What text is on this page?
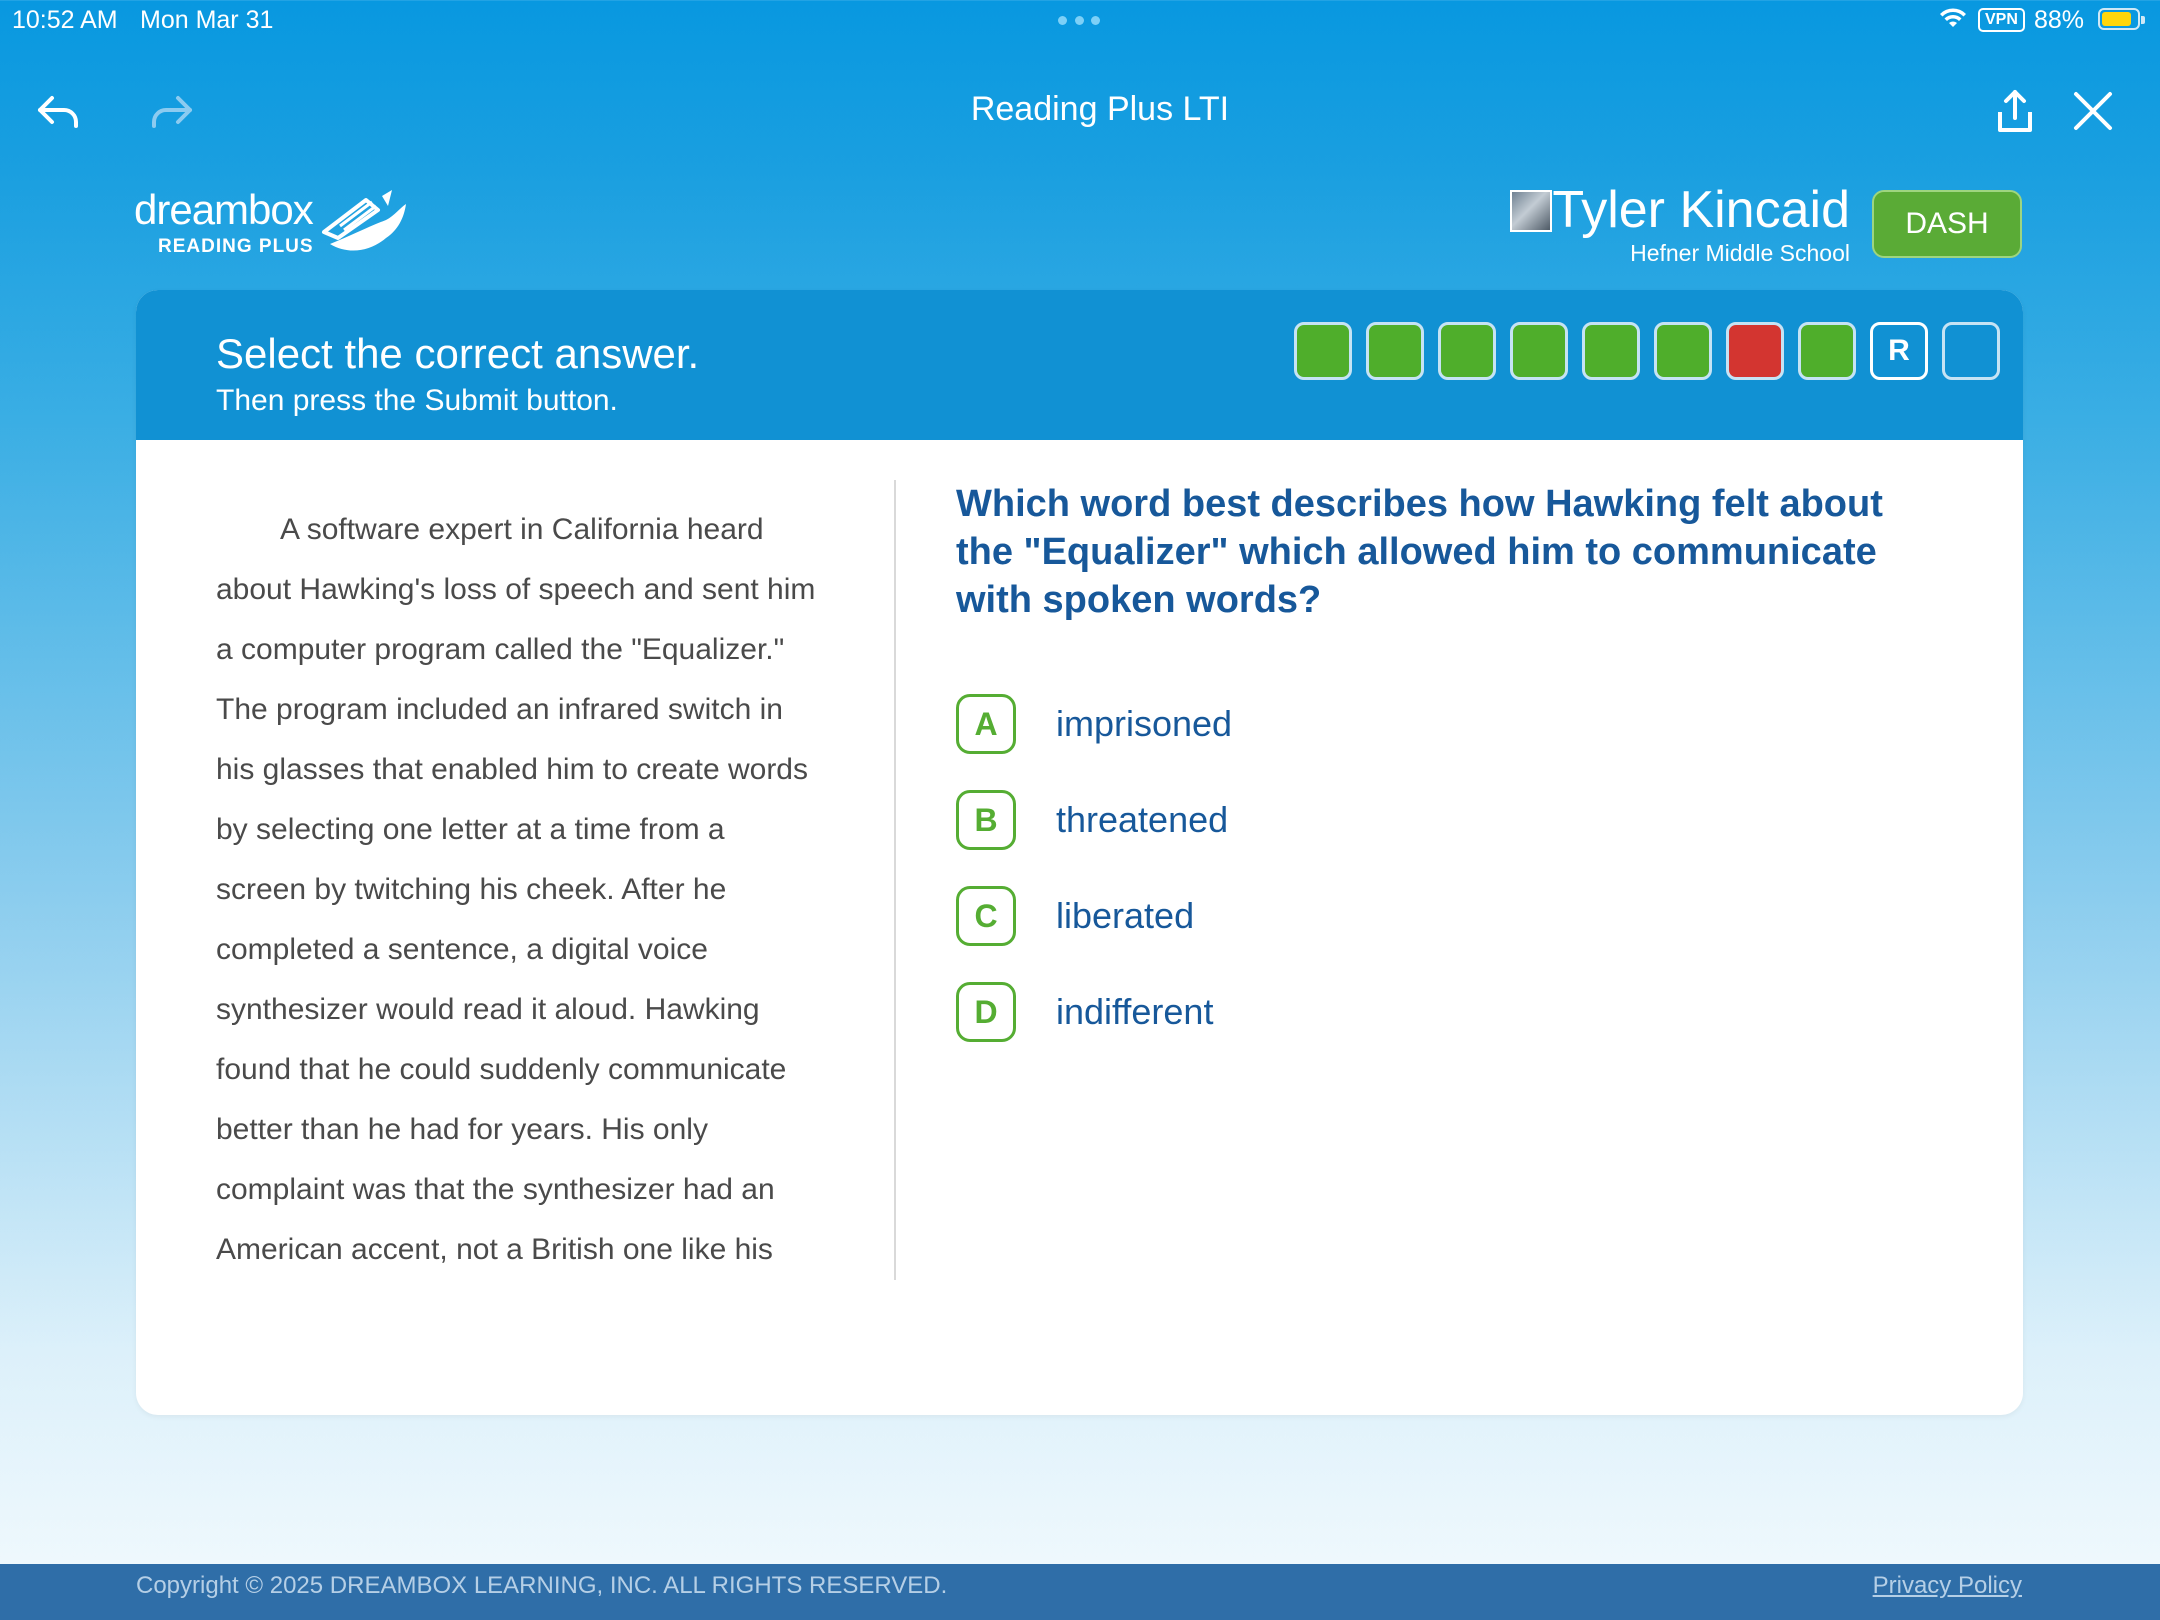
10:52 AM Mon Mar 31	VPN 88%
Reading Plus LTI
dreambox
READING PLUS
Tyler Kincaid
Hefner Middle School
DASH
Select the correct answer.
Then press the Submit button.
R
A software expert in California heard
about Hawking's loss of speech and sent him
a computer program called the "Equalizer."
The program included an infrared switch in
his glasses that enabled him to create words
by selecting one letter at a time from a
screen by twitching his cheek. After he
completed a sentence, a digital voice
synthesizer would read it aloud. Hawking
found that he could suddenly communicate
better than he had for years. His only
complaint was that the synthesizer had an
American accent, not a British one like his
Which word best describes how Hawking felt about
the "Equalizer" which allowed him to communicate
with spoken words?
A	imprisoned
B	threatened
C	liberated
D	indifferent
Copyright © 2025 DREAMBOX LEARNING, INC. ALL RIGHTS RESERVED.	Privacy Policy
